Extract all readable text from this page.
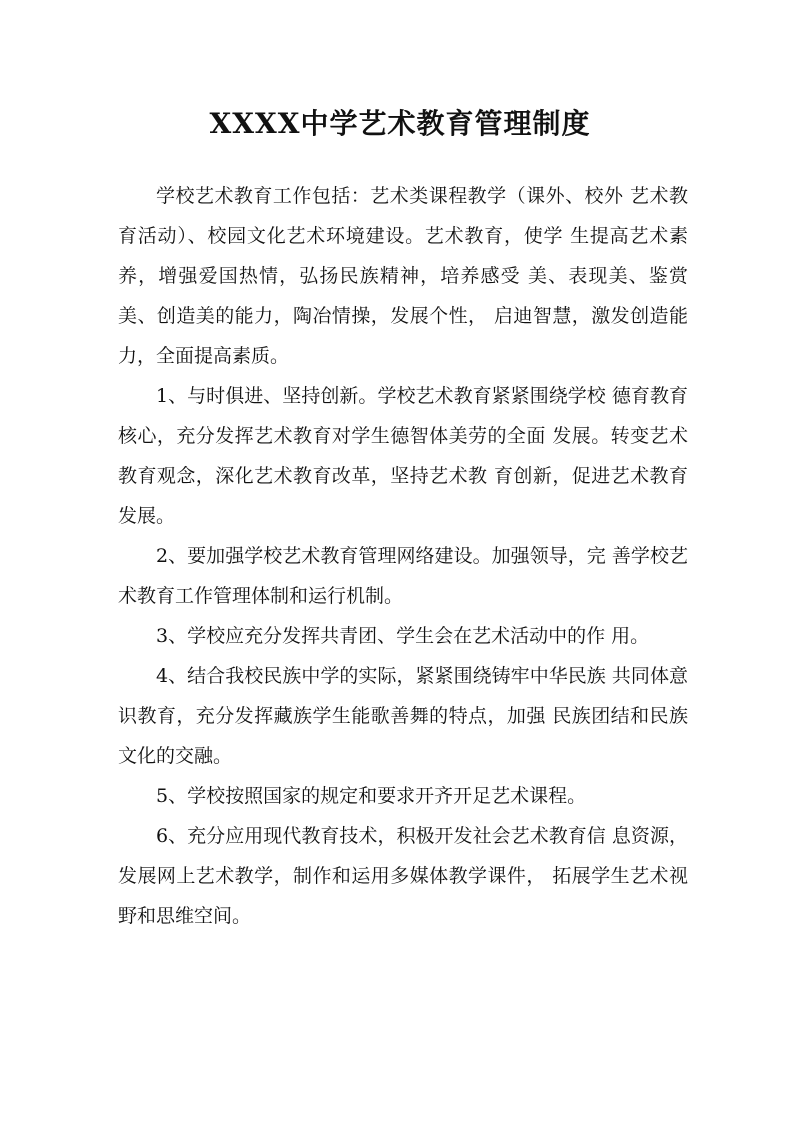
XXXX中学艺术教育管理制度

学校艺术教育工作包括：艺术类课程教学（课外、校外 艺术教育活动）、校园文化艺术环境建设。艺术教育，使学 生提高艺术素养，增强爱国热情，弘扬民族精神，培养感受 美、表现美、鉴赏美、创造美的能力，陶冶情操，发展个性， 启迪智慧，激发创造能力，全面提高素质。

1、与时俱进、坚持创新。学校艺术教育紧紧围绕学校 德育教育核心，充分发挥艺术教育对学生德智体美劳的全面 发展。转变艺术教育观念，深化艺术教育改革，坚持艺术教 育创新，促进艺术教育发展。

2、要加强学校艺术教育管理网络建设。加强领导，完 善学校艺术教育工作管理体制和运行机制。

3、学校应充分发挥共青团、学生会在艺术活动中的作 用。

4、结合我校民族中学的实际，紧紧围绕铸牢中华民族 共同体意识教育，充分发挥藏族学生能歌善舞的特点，加强 民族团结和民族文化的交融。

5、学校按照国家的规定和要求开齐开足艺术课程。

6、充分应用现代教育技术，积极开发社会艺术教育信 息资源，发展网上艺术教学，制作和运用多媒体教学课件， 拓展学生艺术视野和思维空间。
